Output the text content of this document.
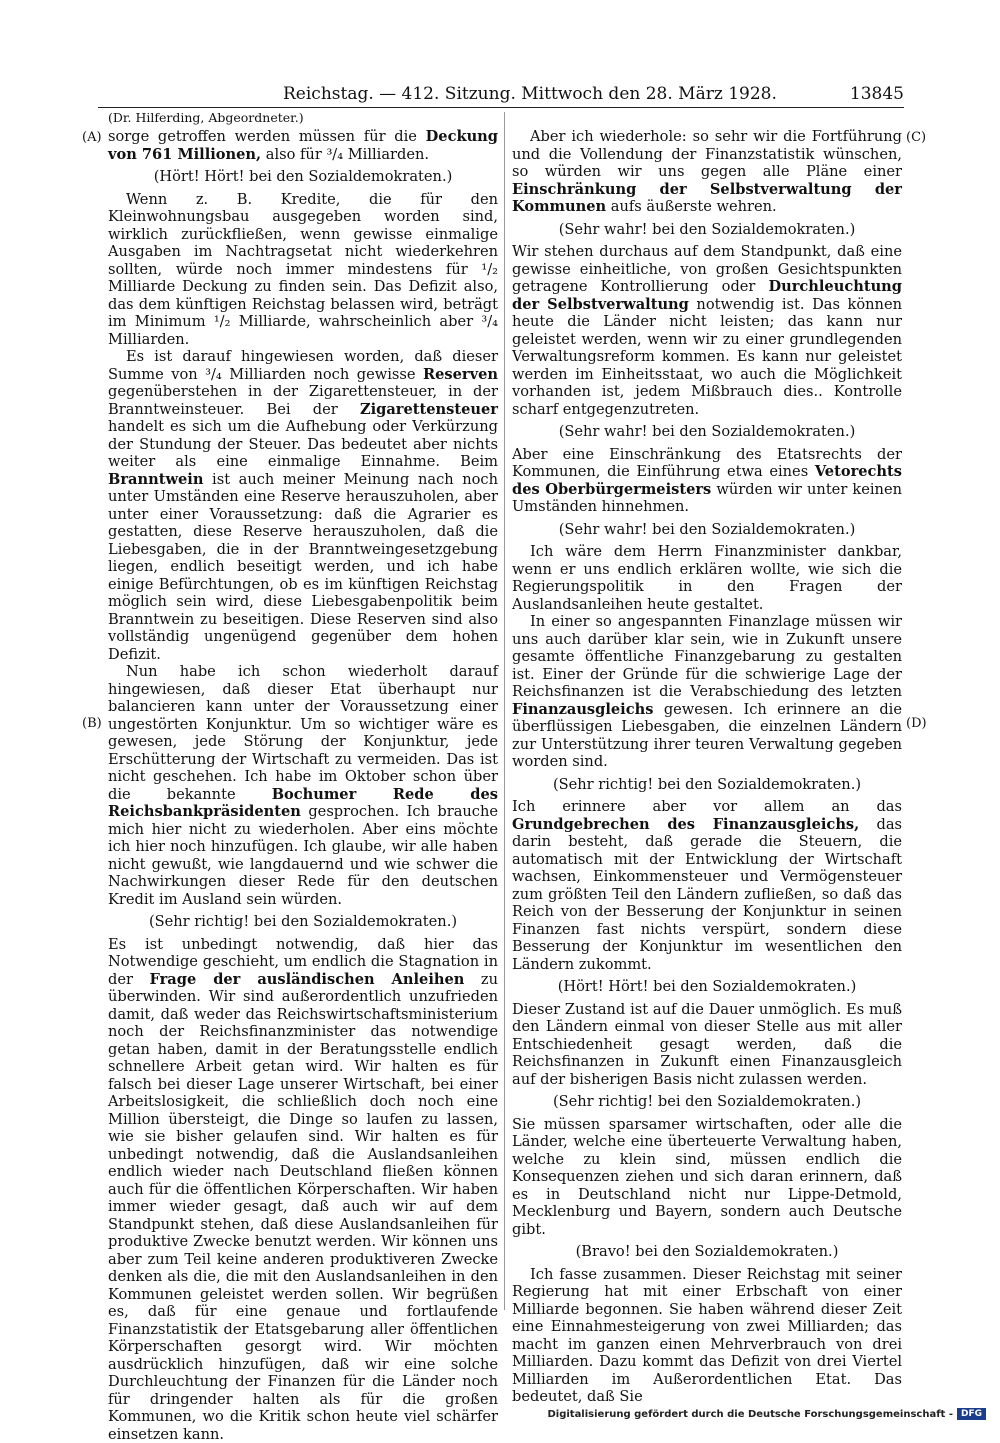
Reichstag. — 412. Sitzung. Mittwoch den 28. März 1928.	13845
(Dr. Hilferding, Abgeordneter.)
(A)
(B)
(C)
(D)

sorge getroffen werden müssen für die Deckung von 761 Millionen, also für ³/₄ Milliarden.

(Hört! Hört! bei den Sozialdemokraten.)

Wenn z. B. Kredite, die für den Kleinwohnungsbau ausgegeben worden sind, wirklich zurückfließen, wenn gewisse einmalige Ausgaben im Nachtragsetat nicht wiederkehren sollten, würde noch immer mindestens für ¹/₂ Milliarde Deckung zu finden sein. Das Defizit also, das dem künftigen Reichstag belassen wird, beträgt im Minimum ¹/₂ Milliarde, wahrscheinlich aber ³/₄ Milliarden.

Es ist darauf hingewiesen worden, daß dieser Summe von ³/₄ Milliarden noch gewisse Reserven gegenüberstehen in der Zigarettensteuer, in der Branntweinsteuer. Bei der Zigarettensteuer handelt es sich um die Aufhebung oder Verkürzung der Stundung der Steuer. Das bedeutet aber nichts weiter als eine einmalige Einnahme. Beim Branntwein ist auch meiner Meinung nach noch unter Umständen eine Reserve herauszuholen, aber unter einer Voraussetzung: daß die Agrarier es gestatten, diese Reserve herauszuholen, daß die Liebesgaben, die in der Branntweingesetzgebung liegen, endlich beseitigt werden, und ich habe einige Befürchtungen, ob es im künftigen Reichstag möglich sein wird, diese Liebesgabenpolitik beim Branntwein zu beseitigen. Diese Reserven sind also vollständig ungenügend gegenüber dem hohen Defizit.

Nun habe ich schon wiederholt darauf hingewiesen, daß dieser Etat überhaupt nur balancieren kann unter der Voraussetzung einer ungestörten Konjunktur. Um so wichtiger wäre es gewesen, jede Störung der Konjunktur, jede Erschütterung der Wirtschaft zu vermeiden. Das ist nicht geschehen. Ich habe im Oktober schon über die bekannte Bochumer Rede des Reichsbankpräsidenten gesprochen. Ich brauche mich hier nicht zu wiederholen. Aber eins möchte ich hier noch hinzufügen. Ich glaube, wir alle haben nicht gewußt, wie langdauernd und wie schwer die Nachwirkungen dieser Rede für den deutschen Kredit im Ausland sein würden.

(Sehr richtig! bei den Sozialdemokraten.)

Es ist unbedingt notwendig, daß hier das Notwendige geschieht, um endlich die Stagnation in der Frage der ausländischen Anleihen zu überwinden. Wir sind außerordentlich unzufrieden damit, daß weder das Reichswirtschaftsministerium noch der Reichsfinanzminister das notwendige getan haben, damit in der Beratungsstelle endlich schnellere Arbeit getan wird. Wir halten es für falsch bei dieser Lage unserer Wirtschaft, bei einer Arbeitslosigkeit, die schließlich doch noch eine Million übersteigt, die Dinge so laufen zu lassen, wie sie bisher gelaufen sind. Wir halten es für unbedingt notwendig, daß die Auslandsanleihen endlich wieder nach Deutschland fließen können auch für die öffentlichen Körperschaften. Wir haben immer wieder gesagt, daß auch wir auf dem Standpunkt stehen, daß diese Auslandsanleihen für produktive Zwecke benutzt werden. Wir können uns aber zum Teil keine anderen produktiveren Zwecke denken als die, die mit den Auslandsanleihen in den Kommunen geleistet werden sollen. Wir begrüßen es, daß für eine genaue und fortlaufende Finanzstatistik der Etatsgebarung aller öffentlichen Körperschaften gesorgt wird. Wir möchten ausdrücklich hinzufügen, daß wir eine solche Durchleuchtung der Finanzen für die Länder noch für dringender halten als für die großen Kommunen, wo die Kritik schon heute viel schärfer einsetzen kann.

Aber ich wiederhole: so sehr wir die Fortführung und die Vollendung der Finanzstatistik wünschen, so würden wir uns gegen alle Pläne einer Einschränkung der Selbstverwaltung der Kommunen aufs äußerste wehren.

(Sehr wahr! bei den Sozialdemokraten.)

Wir stehen durchaus auf dem Standpunkt, daß eine gewisse einheitliche, von großen Gesichtspunkten getragene Kontrollierung oder Durchleuchtung der Selbstverwaltung notwendig ist. Das können heute die Länder nicht leisten; das kann nur geleistet werden, wenn wir zu einer grundlegenden Verwaltungsreform kommen. Es kann nur geleistet werden im Einheitsstaat, wo auch die Möglichkeit vorhanden ist, jedem Mißbrauch dies.. Kontrolle scharf entgegenzutreten.

(Sehr wahr! bei den Sozialdemokraten.)

Aber eine Einschränkung des Etatsrechts der Kommunen, die Einführung etwa eines Vetorechts des Oberbürgermeisters würden wir unter keinen Umständen hinnehmen.

(Sehr wahr! bei den Sozialdemokraten.)

Ich wäre dem Herrn Finanzminister dankbar, wenn er uns endlich erklären wollte, wie sich die Regierungspolitik in den Fragen der Auslandsanleihen heute gestaltet.

In einer so angespannten Finanzlage müssen wir uns auch darüber klar sein, wie in Zukunft unsere gesamte öffentliche Finanzgebarung zu gestalten ist. Einer der Gründe für die schwierige Lage der Reichsfinanzen ist die Verabschiedung des letzten Finanzausgleichs gewesen. Ich erinnere an die überflüssigen Liebesgaben, die einzelnen Ländern zur Unterstützung ihrer teuren Verwaltung gegeben worden sind.

(Sehr richtig! bei den Sozialdemokraten.)

Ich erinnere aber vor allem an das Grundgebrechen des Finanzausgleichs, das darin besteht, daß gerade die Steuern, die automatisch mit der Entwicklung der Wirtschaft wachsen, Einkommensteuer und Vermögensteuer zum größten Teil den Ländern zufließen, so daß das Reich von der Besserung der Konjunktur in seinen Finanzen fast nichts verspürt, sondern diese Besserung der Konjunktur im wesentlichen den Ländern zukommt.

(Hört! Hört! bei den Sozialdemokraten.)

Dieser Zustand ist auf die Dauer unmöglich. Es muß den Ländern einmal von dieser Stelle aus mit aller Entschiedenheit gesagt werden, daß die Reichsfinanzen in Zukunft einen Finanzausgleich auf der bisherigen Basis nicht zulassen werden.

(Sehr richtig! bei den Sozialdemokraten.)

Sie müssen sparsamer wirtschaften, oder alle die Länder, welche eine überteuerte Verwaltung haben, welche zu klein sind, müssen endlich die Konsequenzen ziehen und sich daran erinnern, daß es in Deutschland nicht nur Lippe-Detmold, Mecklenburg und Bayern, sondern auch Deutsche gibt.

(Bravo! bei den Sozialdemokraten.)

Ich fasse zusammen. Dieser Reichstag mit seiner Regierung hat mit einer Erbschaft von einer Milliarde begonnen. Sie haben während dieser Zeit eine Einnahmesteigerung von zwei Milliarden; das macht im ganzen einen Mehrverbrauch von drei Milliarden. Dazu kommt das Defizit von drei Viertel Milliarden im Außerordentlichen Etat. Das bedeutet, daß Sie

Digitalisierung gefördert durch die Deutsche Forschungsgemeinschaft - DFG
